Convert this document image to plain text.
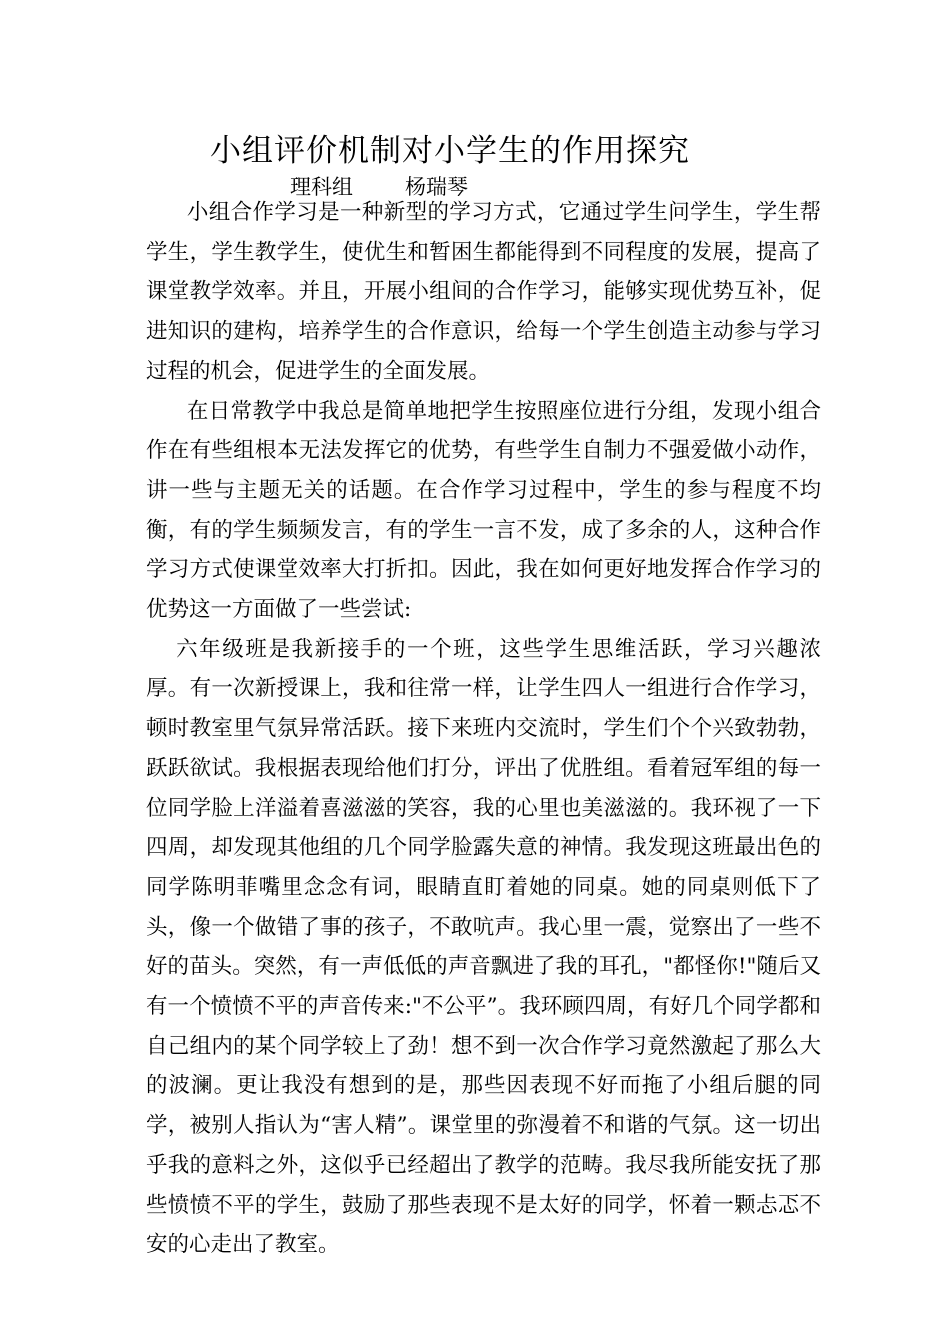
小组评价机制对小学生的作用探究
理科组 杨瑞琴

小组合作学习是一种新型的学习方式，它通过学生问学生，学生帮学生，学生教学生，使优生和暂困生都能得到不同程度的发展，提高了课堂教学效率。并且，开展小组间的合作学习，能够实现优势互补，促进知识的建构，培养学生的合作意识，给每一个学生创造主动参与学习过程的机会，促进学生的全面发展。

在日常教学中我总是简单地把学生按照座位进行分组，发现小组合作在有些组根本无法发挥它的优势，有些学生自制力不强爱做小动作，讲一些与主题无关的话题。在合作学习过程中，学生的参与程度不均衡，有的学生频频发言，有的学生一言不发，成了多余的人，这种合作学习方式使课堂效率大打折扣。因此，我在如何更好地发挥合作学习的优势这一方面做了一些尝试:

六年级班是我新接手的一个班，这些学生思维活跃，学习兴趣浓厚。有一次新授课上，我和往常一样，让学生四人一组进行合作学习，顿时教室里气氛异常活跃。接下来班内交流时，学生们个个兴致勃勃，跃跃欲试。我根据表现给他们打分，评出了优胜组。看着冠军组的每一位同学脸上洋溢着喜滋滋的笑容，我的心里也美滋滋的。我环视了一下四周，却发现其他组的几个同学脸露失意的神情。我发现这班最出色的同学陈明菲嘴里念念有词，眼睛直盯着她的同桌。她的同桌则低下了头，像一个做错了事的孩子，不敢吭声。我心里一震，觉察出了一些不好的苗头。突然，有一声低低的声音飘进了我的耳孔，"都怪你!"随后又有一个愤愤不平的声音传来:"不公平”。我环顾四周，有好几个同学都和自己组内的某个同学较上了劲！想不到一次合作学习竟然激起了那么大的波澜。更让我没有想到的是，那些因表现不好而拖了小组后腿的同学，被别人指认为“害人精”。课堂里的弥漫着不和谐的气氛。这一切出乎我的意料之外，这似乎已经超出了教学的范畴。我尽我所能安抚了那些愤愤不平的学生，鼓励了那些表现不是太好的同学，怀着一颗忐忑不安的心走出了教室。
